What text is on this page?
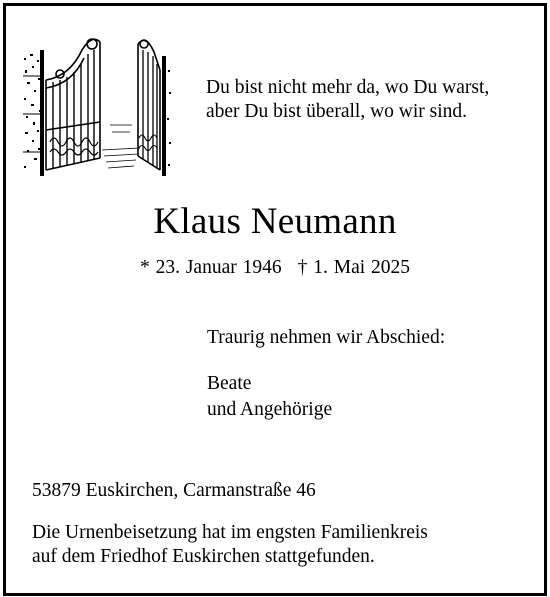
Du bist nicht mehr da, wo Du warst,
aber Du bist überall, wo wir sind.
Klaus Neumann
* 23. Januar 1946 † 1. Mai 2025
Traurig nehmen wir Abschied:
Beate
und Angehörige
53879 Euskirchen, Carmanstraße 46
Die Urnenbeisetzung hat im engsten Familienkreis
auf dem Friedhof Euskirchen stattgefunden.
